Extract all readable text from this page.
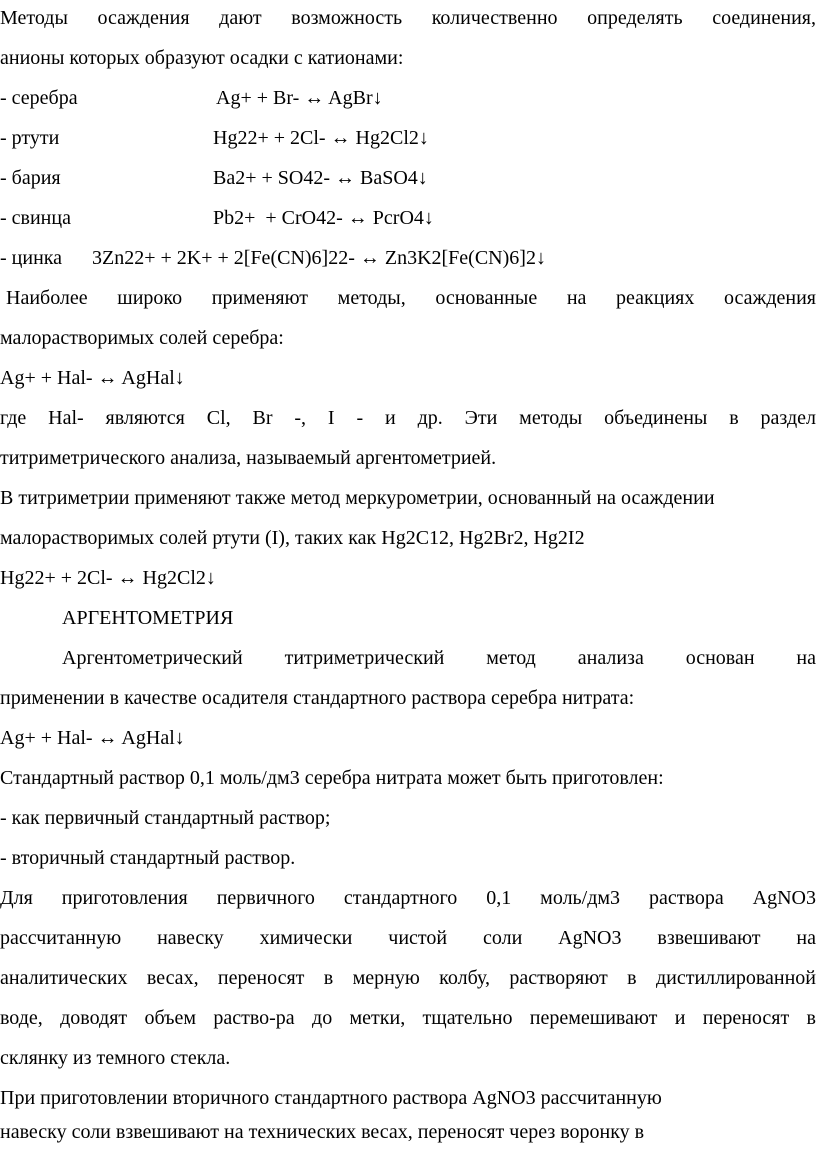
Методы осаждения дают возможность количественно определять соединения,
анионы которых образуют осадки с катионами:
- серебра	Ag+ + Br- ↔ AgBr↓
- ртути	Hg22+ + 2Cl- ↔ Hg2Cl2↓
- бария	Ba2+ + SO42- ↔ BaSO4↓
- свинца	Pb2+  + CrO42- ↔ PcrO4↓
- цинка 3Zn22+ + 2K+ + 2[Fe(CN)6]22- ↔ Zn3K2[Fe(CN)6]2↓
Наиболее широко применяют методы, основанные на реакциях осаждения
малорастворимых солей серебра:
Ag+ + Hal- ↔ AgHal↓
где Hal- являются Cl, Br -, I - и др. Эти методы объединены в раздел
титриметрического анализа, называемый аргентометрией.
В титриметрии применяют также метод меркурометрии, основанный на осаждении
малорастворимых солей ртути (I), таких как Hg2C12, Hg2Br2, Hg2I2
Hg22+ + 2Cl- ↔ Hg2Cl2↓
АРГЕНТОМЕТРИЯ
Аргентометрический титриметрический метод анализа основан на
применении в качестве осадителя стандартного раствора серебра нитрата:
Ag+ + Hal- ↔ AgHal↓
Стандартный раствор 0,1 моль/дм3 серебра нитрата может быть приготовлен:
- как первичный стандартный раствор;
- вторичный стандартный раствор.
Для приготовления первичного стандартного 0,1 моль/дм3 раствора AgNO3
рассчитанную навеску химически чистой соли AgNO3 взвешивают на
аналитических весах, переносят в мерную колбу, растворяют в дистиллированной
воде, доводят объем раство-ра до метки, тщательно перемешивают и переносят в
склянку из темного стекла.
При приготовлении вторичного стандартного раствора AgNO3 рассчитанную
навеску соли взвешивают на технических весах, переносят через воронку в
